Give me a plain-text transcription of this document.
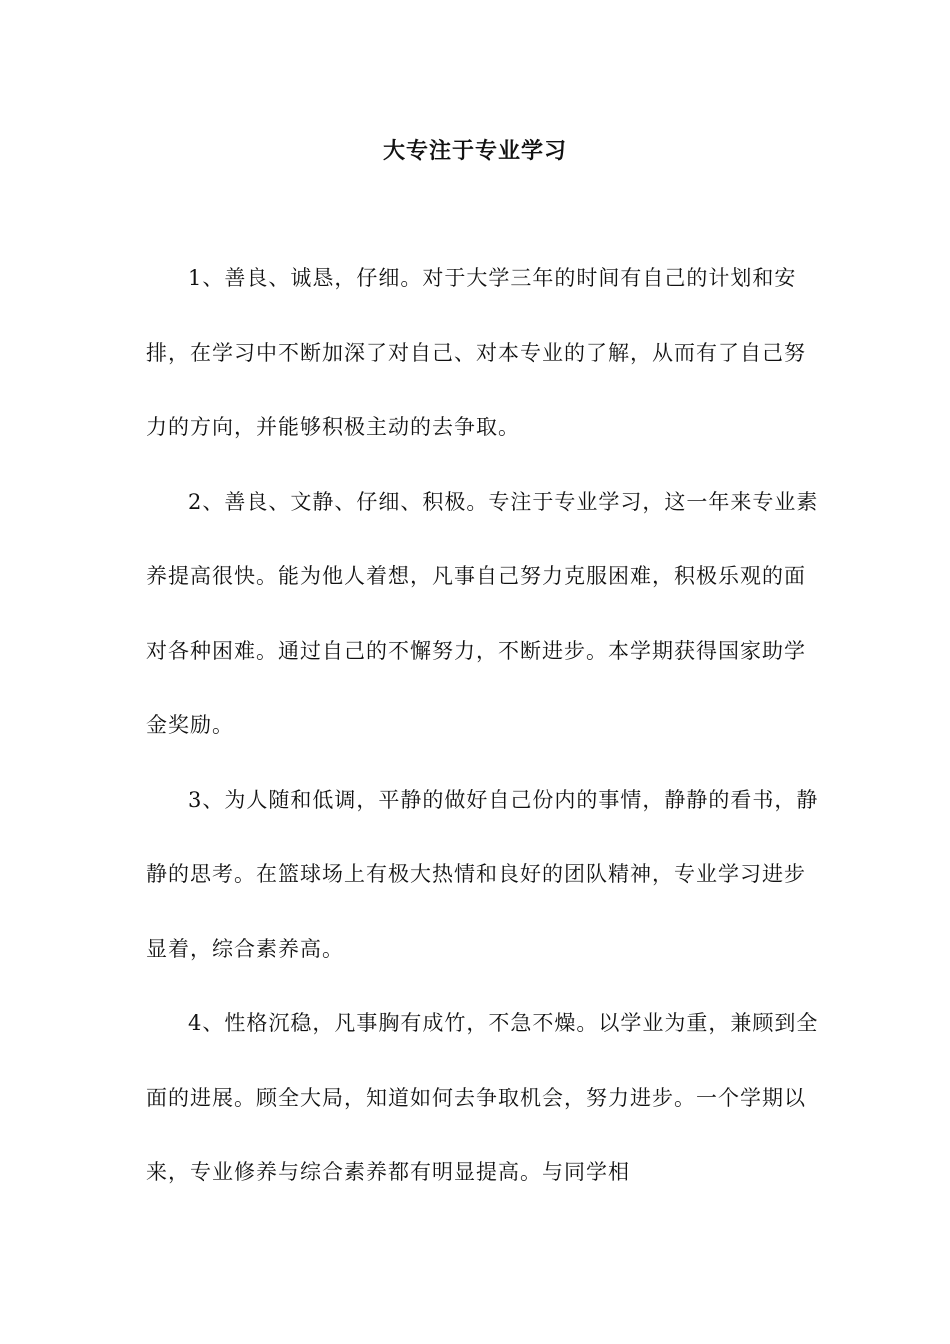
大专注于专业学习

1、善良、诚恳，仔细。对于大学三年的时间有自己的计划和安排，在学习中不断加深了对自己、对本专业的了解，从而有了自己努力的方向，并能够积极主动的去争取。

2、善良、文静、仔细、积极。专注于专业学习，这一年来专业素养提高很快。能为他人着想，凡事自己努力克服困难，积极乐观的面对各种困难。通过自己的不懈努力，不断进步。本学期获得国家助学金奖励。

3、为人随和低调，平静的做好自己份内的事情，静静的看书，静静的思考。在篮球场上有极大热情和良好的团队精神，专业学习进步显着，综合素养高。

4、性格沉稳，凡事胸有成竹，不急不燥。以学业为重，兼顾到全面的进展。顾全大局，知道如何去争取机会，努力进步。一个学期以来，专业修养与综合素养都有明显提高。与同学相
